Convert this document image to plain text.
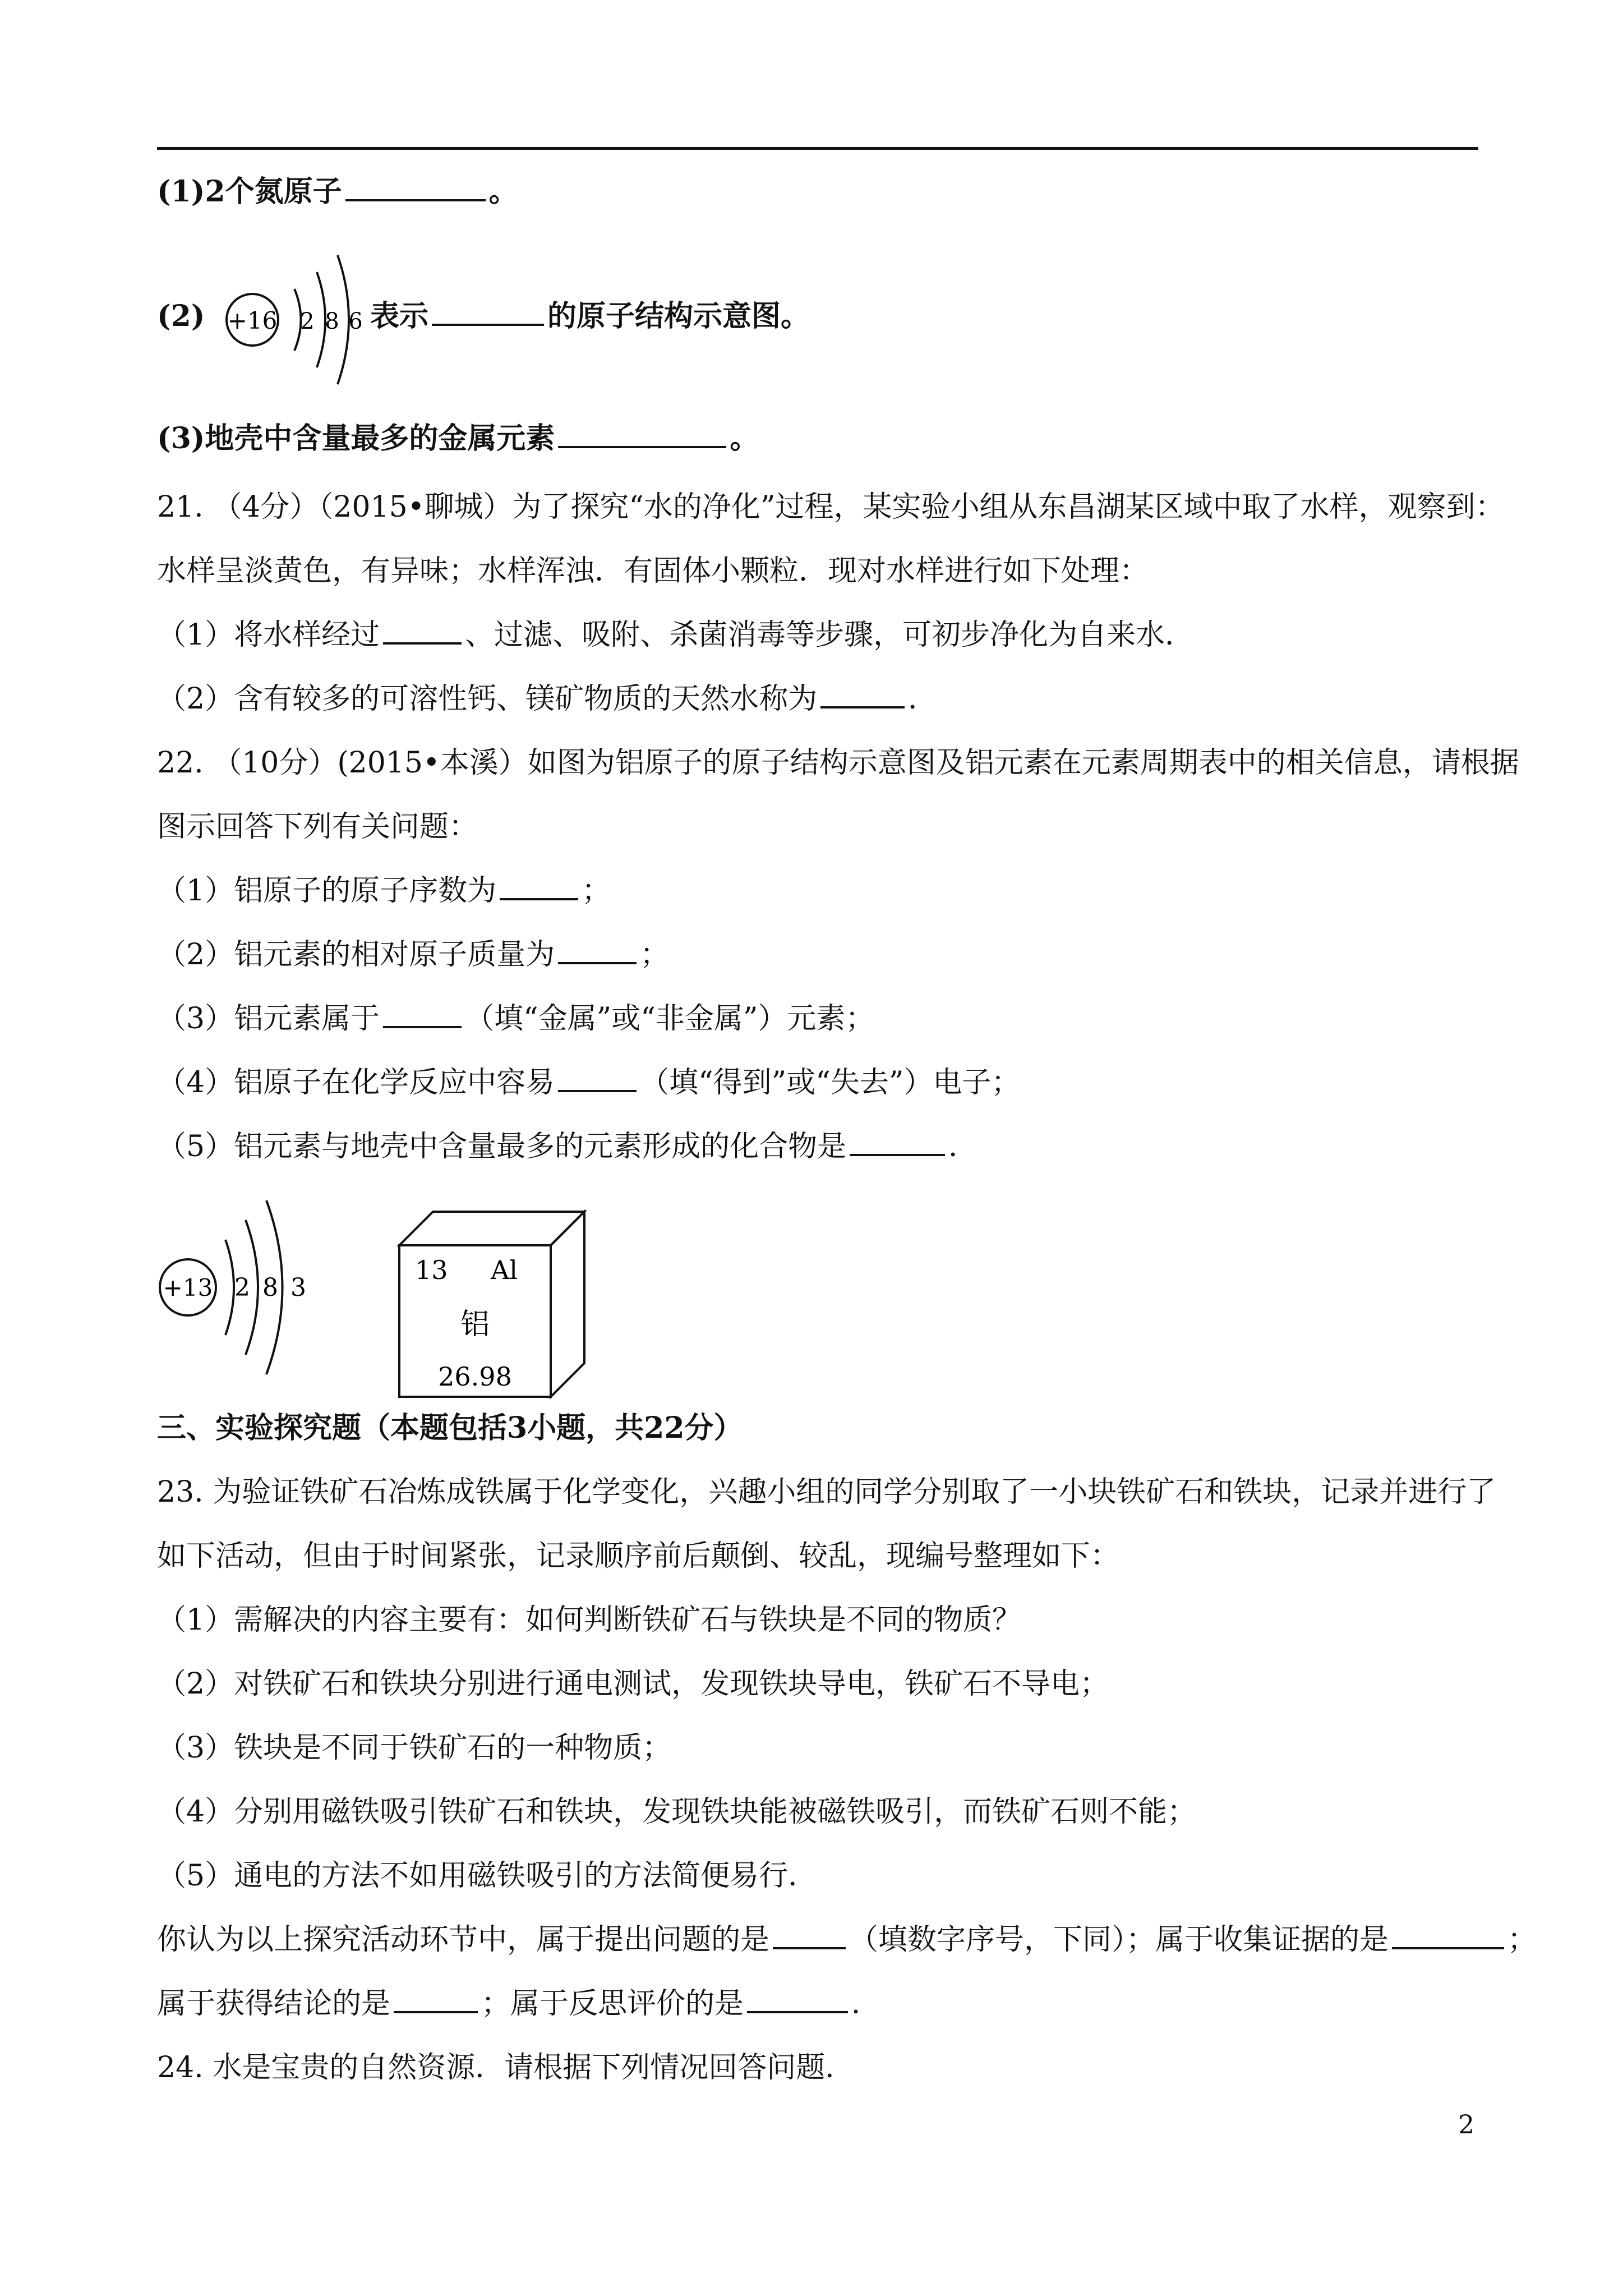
(1)2个氮原子	。
(2) +16 2 8 6 表示	的原子结构示意图。
(3)地壳中含量最多的金属元素	。
21. （4分）（2015•聊城）为了探究“水的净化”过程，某实验小组从东昌湖某区域中取了水样，观察到：
水样呈淡黄色，有异味；水样浑浊．有固体小颗粒．现对水样进行如下处理：
（1）将水样经过	、过滤、吸附、杀菌消毒等步骤，可初步净化为自来水．
（2）含有较多的可溶性钙、镁矿物质的天然水称为	．
22. （10分）(2015•本溪）如图为铝原子的原子结构示意图及铝元素在元素周期表中的相关信息，请根据
图示回答下列有关问题：
（1）铝原子的原子序数为	；
（2）铝元素的相对原子质量为	；
（3）铝元素属于	（填“金属”或“非金属”）元素；
（4）铝原子在化学反应中容易	（填“得到”或“失去”）电子；
（5）铝元素与地壳中含量最多的元素形成的化合物是	．
+13 2 8 3
13 Al
铝
26.98
三、实验探究题（本题包括3小题，共22分）
23. 为验证铁矿石冶炼成铁属于化学变化，兴趣小组的同学分别取了一小块铁矿石和铁块，记录并进行了
如下活动，但由于时间紧张，记录顺序前后颠倒、较乱，现编号整理如下：
（1）需解决的内容主要有：如何判断铁矿石与铁块是不同的物质？
（2）对铁矿石和铁块分别进行通电测试，发现铁块导电，铁矿石不导电；
（3）铁块是不同于铁矿石的一种物质；
（4）分别用磁铁吸引铁矿石和铁块，发现铁块能被磁铁吸引，而铁矿石则不能；
（5）通电的方法不如用磁铁吸引的方法简便易行．
你认为以上探究活动环节中，属于提出问题的是	（填数字序号，下同）；属于收集证据的是	；
属于获得结论的是	；属于反思评价的是	．
24. 水是宝贵的自然资源．请根据下列情况回答问题．
2
